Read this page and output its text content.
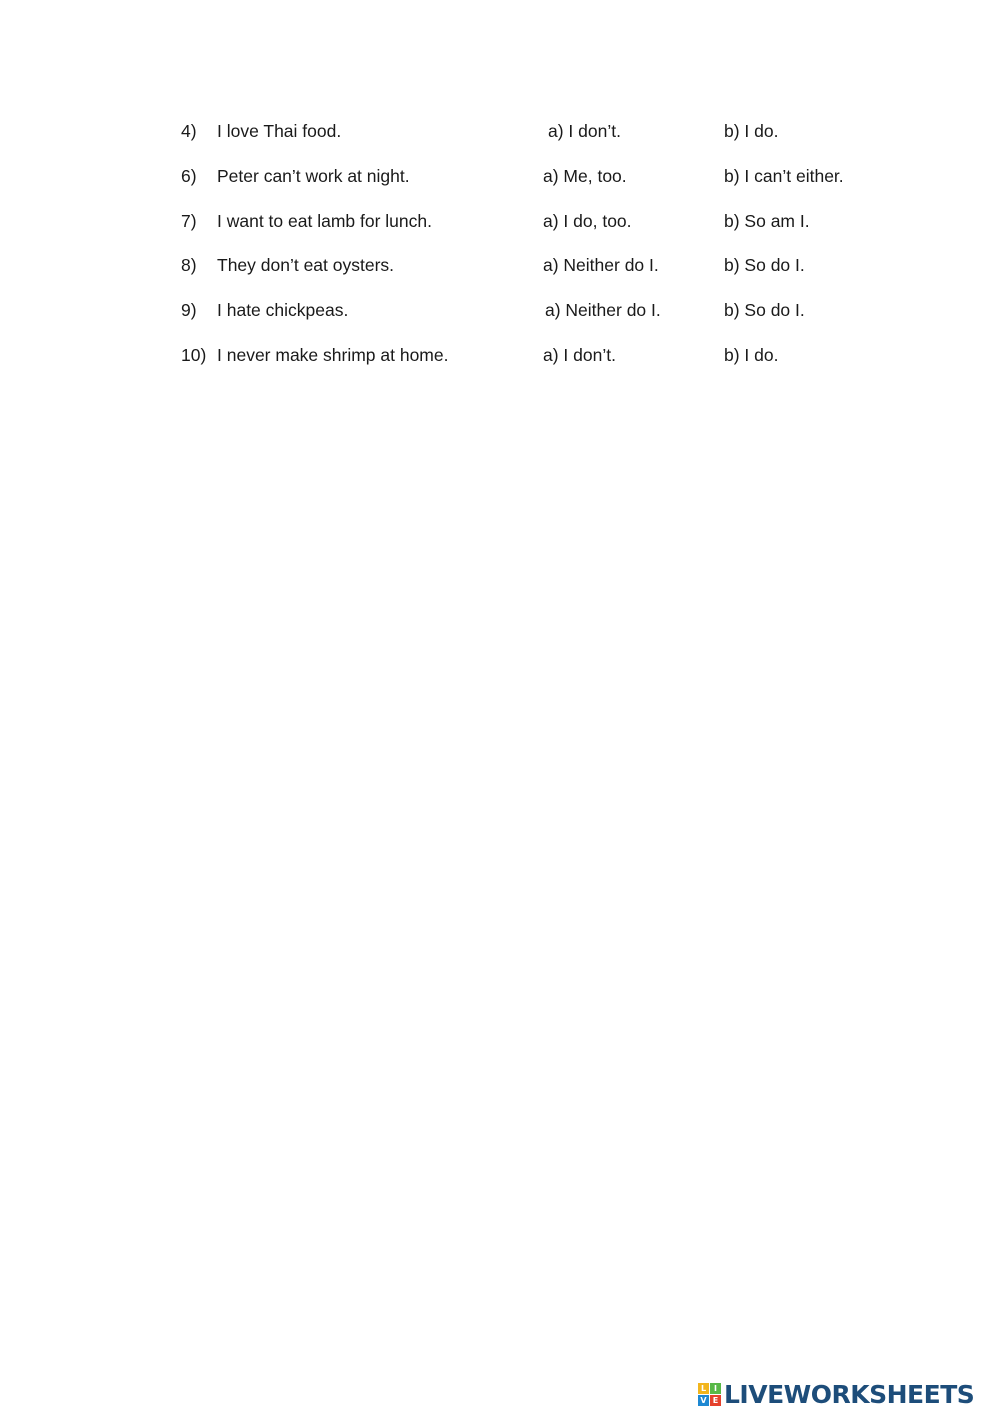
4) I love Thai food.	a) I don’t.	b) I do.
6) Peter can’t work at night.	a) Me, too.	b) I can’t either.
7) I want to eat lamb for lunch.	a) I do, too.	b) So am I.
8) They don’t eat oysters.	a) Neither do I.	b) So do I.
9) I hate chickpeas.	a) Neither do I.	b) So do I.
10) I never make shrimp at home.	a) I don’t.	b) I do.
L I
V E LIVEWORKSHEETS
